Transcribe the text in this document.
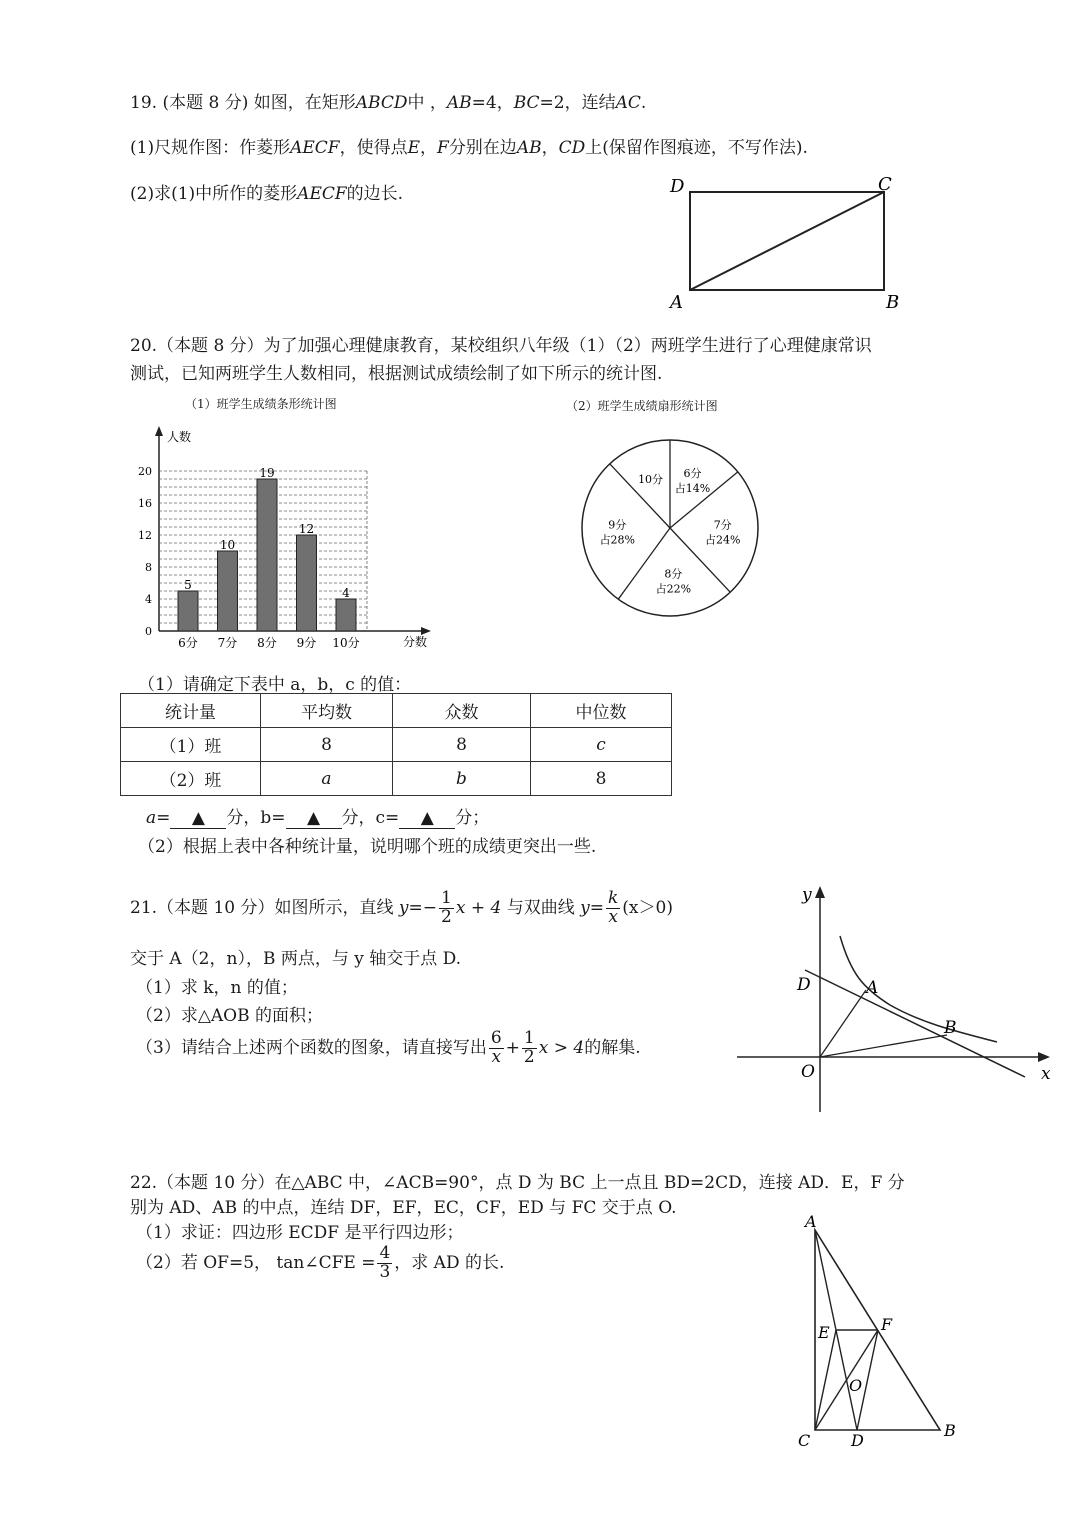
19. (本题 8 分) 如图，在矩形ABCD中 ，AB=4，BC=2，连结AC.
(1)尺规作图：作菱形AECF，使得点E，F分别在边AB，CD上(保留作图痕迹，不写作法).
(2)求(1)中所作的菱形AECF的边长.	D	C
A	B
20.（本题 8 分）为了加强心理健康教育，某校组织八年级（1）（2）两班学生进行了心理健康常识
测试，已知两班学生人数相同，根据测试成绩绘制了如下所示的统计图.
（1）班学生成绩条形统计图	（2）班学生成绩扇形统计图
人数
分数
0
4
8
12
16
20
5
6分
10
7分
19
8分
12
9分
4
10分
6分
占14%
7分
占24%
8分
占22%
9分
占28%
10分
（1）请确定下表中 a，b，c 的值：
统计量	平均数	众数	中位数
（1）班	8	8	c
（2）班	a	b	8
a= ▲ 分，b= ▲ 分，c= ▲ 分；
（2）根据上表中各种统计量，说明哪个班的成绩更突出一些.
21.（本题 10 分）如图所示，直线 $y=- \frac{1}{2}$ x + 4 与双曲线 $y= \frac{k}{x} (x>0)$
交于 A（2，n），B 两点，与 y 轴交于点 D.
（1）求 k，n 的值；
（2）求△AOB 的面积；
（3）请结合上述两个函数的图象，请直接写出 $\frac{6}{x} + \frac{1}{2}$ x > 4的解集.
y
x
D	A
B
O
22.（本题 10 分）在△ABC 中，∠ACB=90°，点 D 为 BC 上一点且 BD=2CD，连接 AD．E，F 分
别为 AD、AB 的中点，连结 DF，EF，EC，CF，ED 与 FC 交于点 O.
（1）求证：四边形 ECDF 是平行四边形；
（2）若 OF=5， tan∠CFE = $\frac{4}{3}$ ，求 AD 的长.
A
E	F
O
C	D
B
